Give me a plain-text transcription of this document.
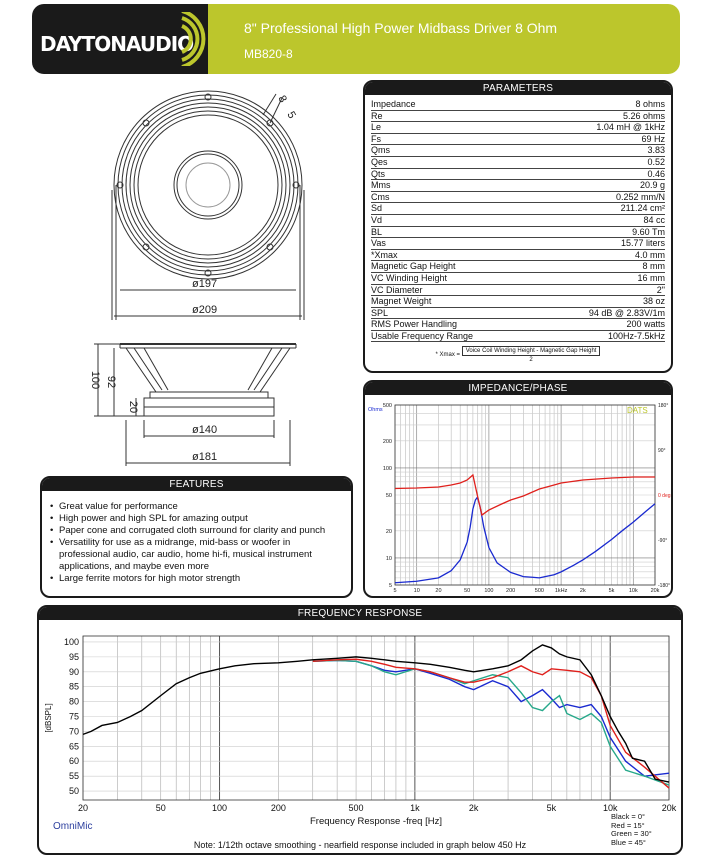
DAYTONAUDIO
8" Professional High Power Midbass Driver 8 Ohm
MB820-8
8
5
ø197
ø209
100 92
20
ø140
ø181
PARAMETERS
Impedance	8 ohms
Re	5.26 ohms
Le	1.04 mH @ 1kHz
Fs	69 Hz
Qms	3.83
Qes	0.52
Qts	0.46
Mms	20.9 g
Cms	0.252 mm/N
Sd	211.24 cm²
Vd	84 cc
BL	9.60 Tm
Vas	15.77 liters
*Xmax	4.0 mm
Magnetic Gap Height	8 mm
VC Winding Height	16 mm
VC Diameter	2"
Magnet Weight	38 oz
SPL	94 dB @ 2.83V/1m
RMS Power Handling	200 watts
Usable Frequency Range	100Hz-7.5kHz
* $Xmax = \frac{\text{Voice Coil Winding Height - Magnetic Gap Height}}{2}$
IMPEDANCE/PHASE
500
200
100
50
20
10
5
5	10	20	50	100 200	500 1kHz 2k	5k	10k 20k
180°
90°
0 deg
-90°
-180°
Ohms	DATS
FEATURES
• Great value for performance
• High power and high SPL for amazing output
• Paper cone and corrugated cloth surround for clarity and punch
• Versatility for use as a midrange, mid-bass or woofer in professional audio, car audio, home hi-fi, musical instrument applications, and maybe even more
• Large ferrite motors for high motor strength
FREQUENCY RESPONSE
100
95
90
85
80
75
70
65
60
55
50
20	50	100	200	500	1k	2k	5k	10k	20k
[dBSPL]
Frequency Response -freq [Hz]
OmniMic
Black = 0°
Red = 15°
Green = 30°
Blue = 45°
Note: 1/12th octave smoothing - nearfield response included in graph below 450 Hz
